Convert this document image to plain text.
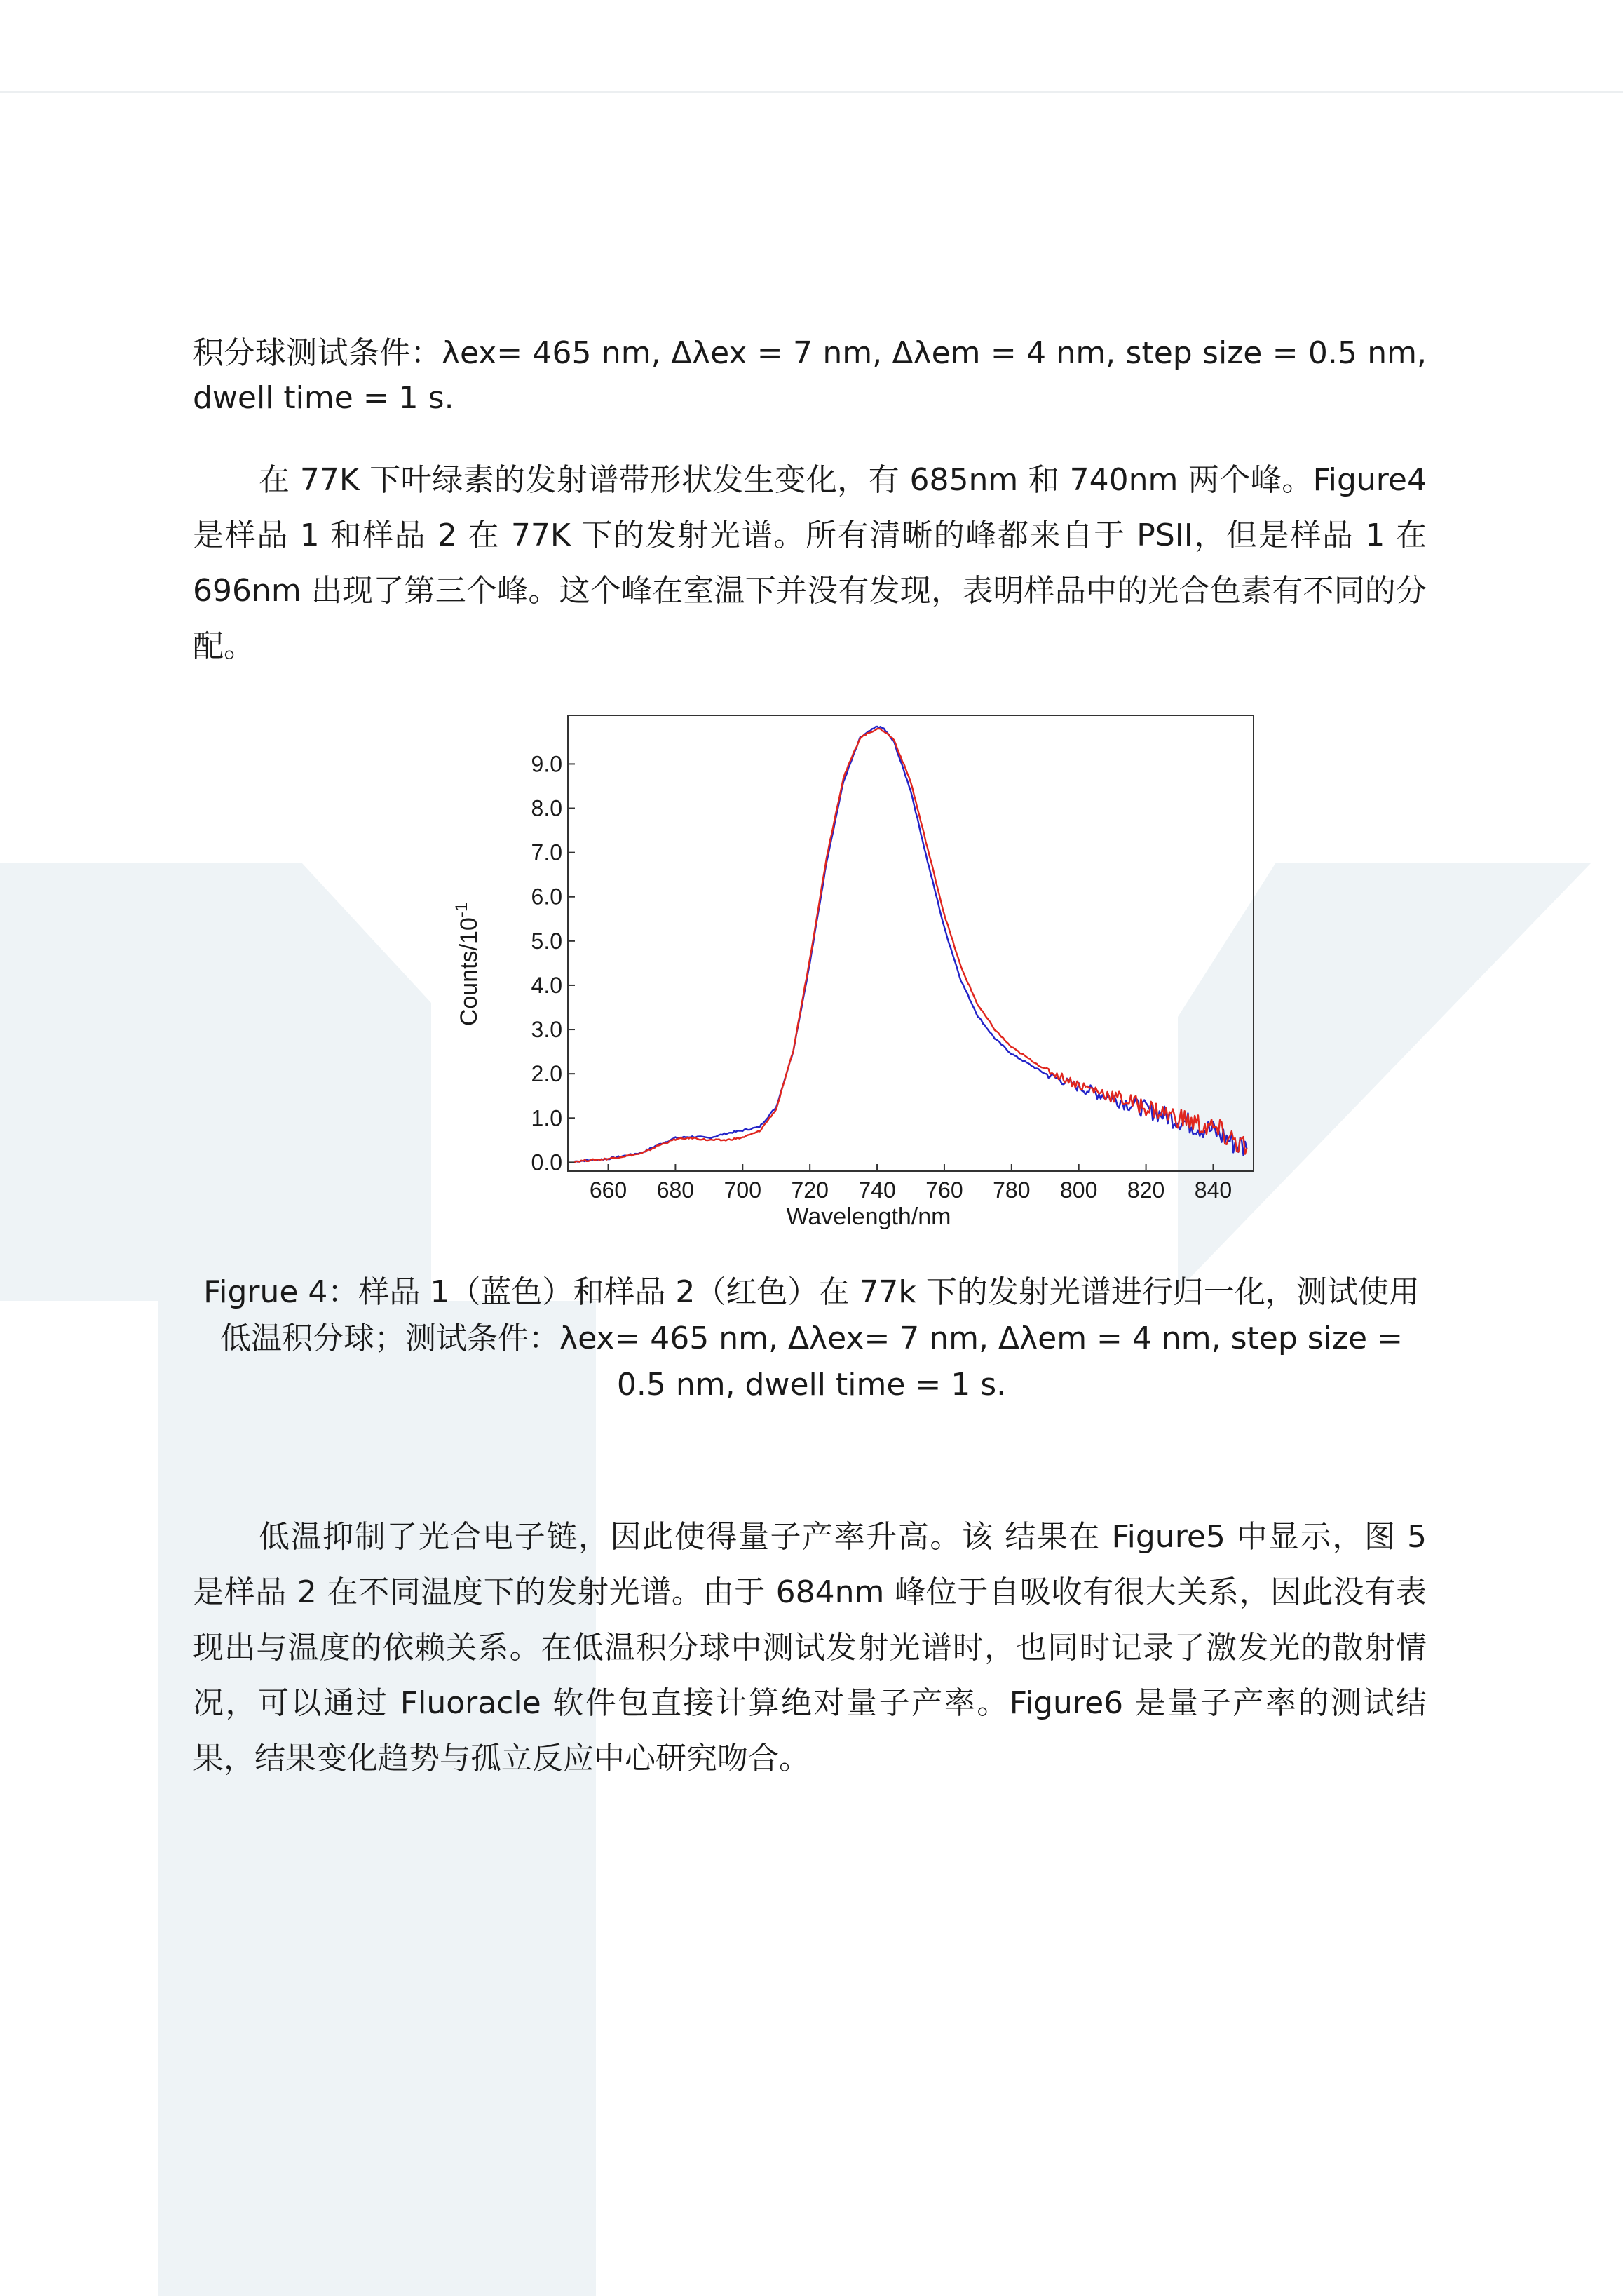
积分球测试条件：λex= 465 nm, Δλex = 7 nm, Δλem = 4 nm, step size = 0.5 nm, dwell time = 1 s.

在 77K 下叶绿素的发射谱带形状发生变化，有 685nm 和 740nm 两个峰。Figure4 是样品 1 和样品 2 在 77K 下的发射光谱。所有清晰的峰都来自于 PSII，但是样品 1 在 696nm 出现了第三个峰。这个峰在室温下并没有发现，表明样品中的光合色素有不同的分配。

660 680 700 720 740 760 780 800 820 840
0.0
1.0
2.0
3.0
4.0
5.0
6.0
7.0
8.0
9.0
Wavelength/nm
Counts/$10^{-1}$

Figrue 4：样品 1（蓝色）和样品 2（红色）在 77k 下的发射光谱进行归一化，测试使用低温积分球；测试条件：λex= 465 nm, Δλex= 7 nm, Δλem = 4 nm, step size = 0.5 nm, dwell time = 1 s.

低温抑制了光合电子链，因此使得量子产率升高。该 结果在 Figure5 中显示，图 5 是样品 2 在不同温度下的发射光谱。由于 684nm 峰位于自吸收有很大关系，因此没有表现出与温度的依赖关系。在低温积分球中测试发射光谱时，也同时记录了激发光的散射情况，可以通过 Fluoracle 软件包直接计算绝对量子产率。Figure6 是量子产率的测试结果，结果变化趋势与孤立反应中心研究吻合。
